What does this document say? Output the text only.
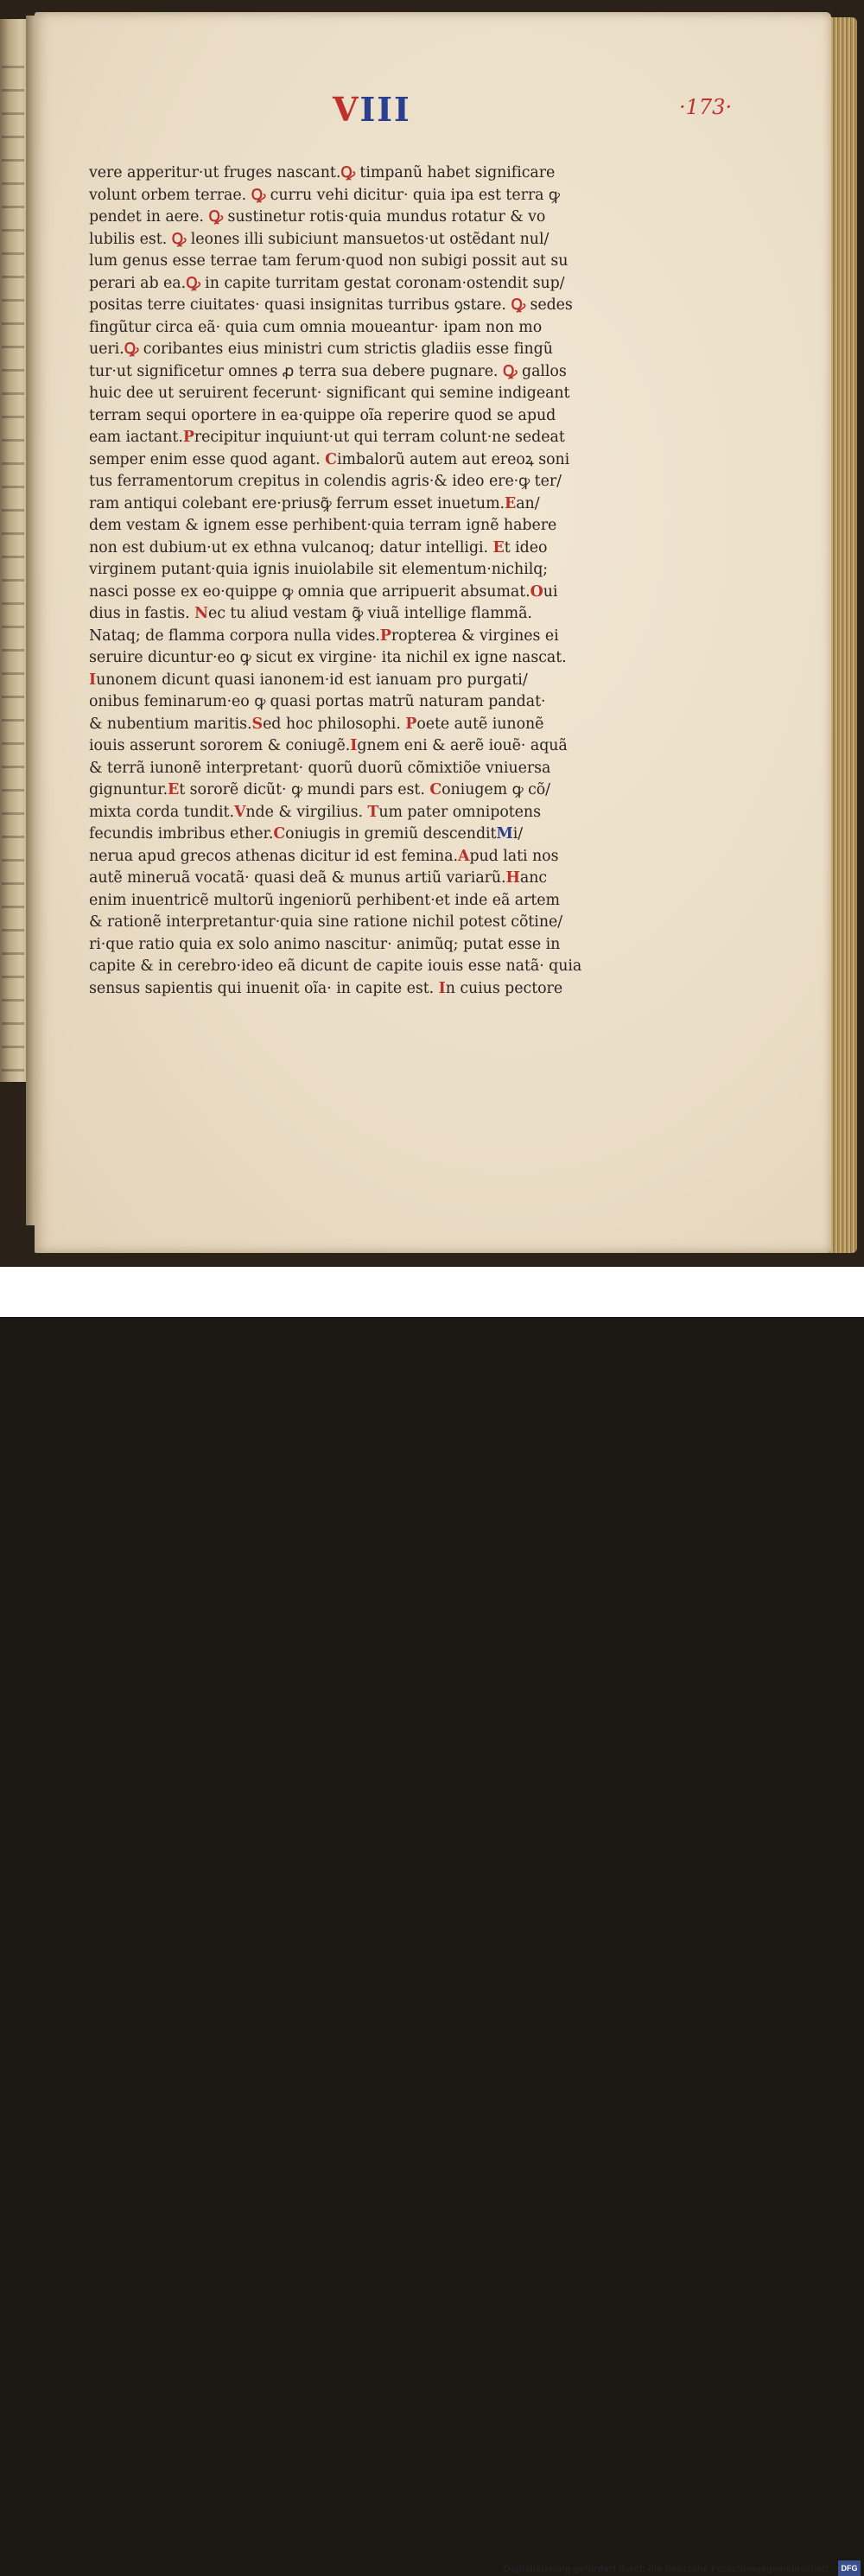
VIII	·173·
vere apperitur·ut fruges nascant.Ꝙ timpanũ habet significare
volunt orbem terrae. Ꝙ curru vehi dicitur· quia ipa est terra ꝙ
pendet in aere. Ꝙ sustinetur rotis·quia mundus rotatur & vo
lubilis est. Ꝙ leones illi subiciunt mansuetos·ut ostẽdant nul/
lum genus esse terrae tam ferum·quod non subigi possit aut su
perari ab ea.Ꝙ in capite turritam gestat coronam·ostendit sup/
positas terre ciuitates· quasi insignitas turribus ꝯstare. Ꝙ sedes
fingũtur circa eã· quia cum omnia moueantur· ipam non mo
ueri.Ꝙ coribantes eius ministri cum strictis gladiis esse fingũ
tur·ut significetur omnes ꝓ terra sua debere pugnare. Ꝙ gallos
huic dee ut seruirent fecerunt· significant qui semine indigeant
terram sequi oportere in ea·quippe oĩa reperire quod se apud
eam iactant.Precipitur inquiunt·ut qui terram colunt·ne sedeat
semper enim esse quod agant. Cimbalorũ autem aut ereoꝝ soni
tus ferramentorum crepitus in colendis agris·& ideo ere·ꝙ ter/
ram antiqui colebant ere·priusꝙ̃ ferrum esset inuetum.Ean/
dem vestam & ignem esse perhibent·quia terram ignẽ habere
non est dubium·ut ex ethna vulcanoq; datur intelligi. Et ideo
virginem putant·quia ignis inuiolabile sit elementum·nichilq;
nasci posse ex eo·quippe ꝙ omnia que arripuerit absumat.Oui
dius in fastis. Nec tu aliud vestam ꝙ̃ viuã intellige flammã.
Nataq; de flamma corpora nulla vides.Propterea & virgines ei
seruire dicuntur·eo ꝙ sicut ex virgine· ita nichil ex igne nascat.
Iunonem dicunt quasi ianonem·id est ianuam pro purgati/
onibus feminarum·eo ꝙ quasi portas matrũ naturam pandat·
& nubentium maritis.Sed hoc philosophi. Poete autẽ iunonẽ
iouis asserunt sororem & coniugẽ.Ignem eni & aerẽ iouẽ· aquã
& terrã iunonẽ interpretant· quorũ duorũ cõmixtiõe vniuersa
gignuntur.Et sororẽ dicũt· ꝙ mundi pars est. Coniugem ꝙ cõ/
mixta corda tundit.Vnde & virgilius. Tum pater omnipotens
fecundis imbribus ether.Coniugis in gremiũ descenditMi/
nerua apud grecos athenas dicitur id est femina.Apud lati nos
autẽ mineruã vocatã· quasi deã & munus artiũ variarũ.Hanc
enim inuentricẽ multorũ ingeniorũ perhibent·et inde eã artem
& rationẽ interpretantur·quia sine ratione nichil potest cõtine/
ri·que ratio quia ex solo animo nascitur· animũq; putat esse in
capite & in cerebro·ideo eã dicunt de capite iouis esse natã· quia
sensus sapientis qui inuenit oĩa· in capite est. In cuius pectore
Digitalisierung gefördert durch die Deutsche Forschungsgemeinschaft · DFG
